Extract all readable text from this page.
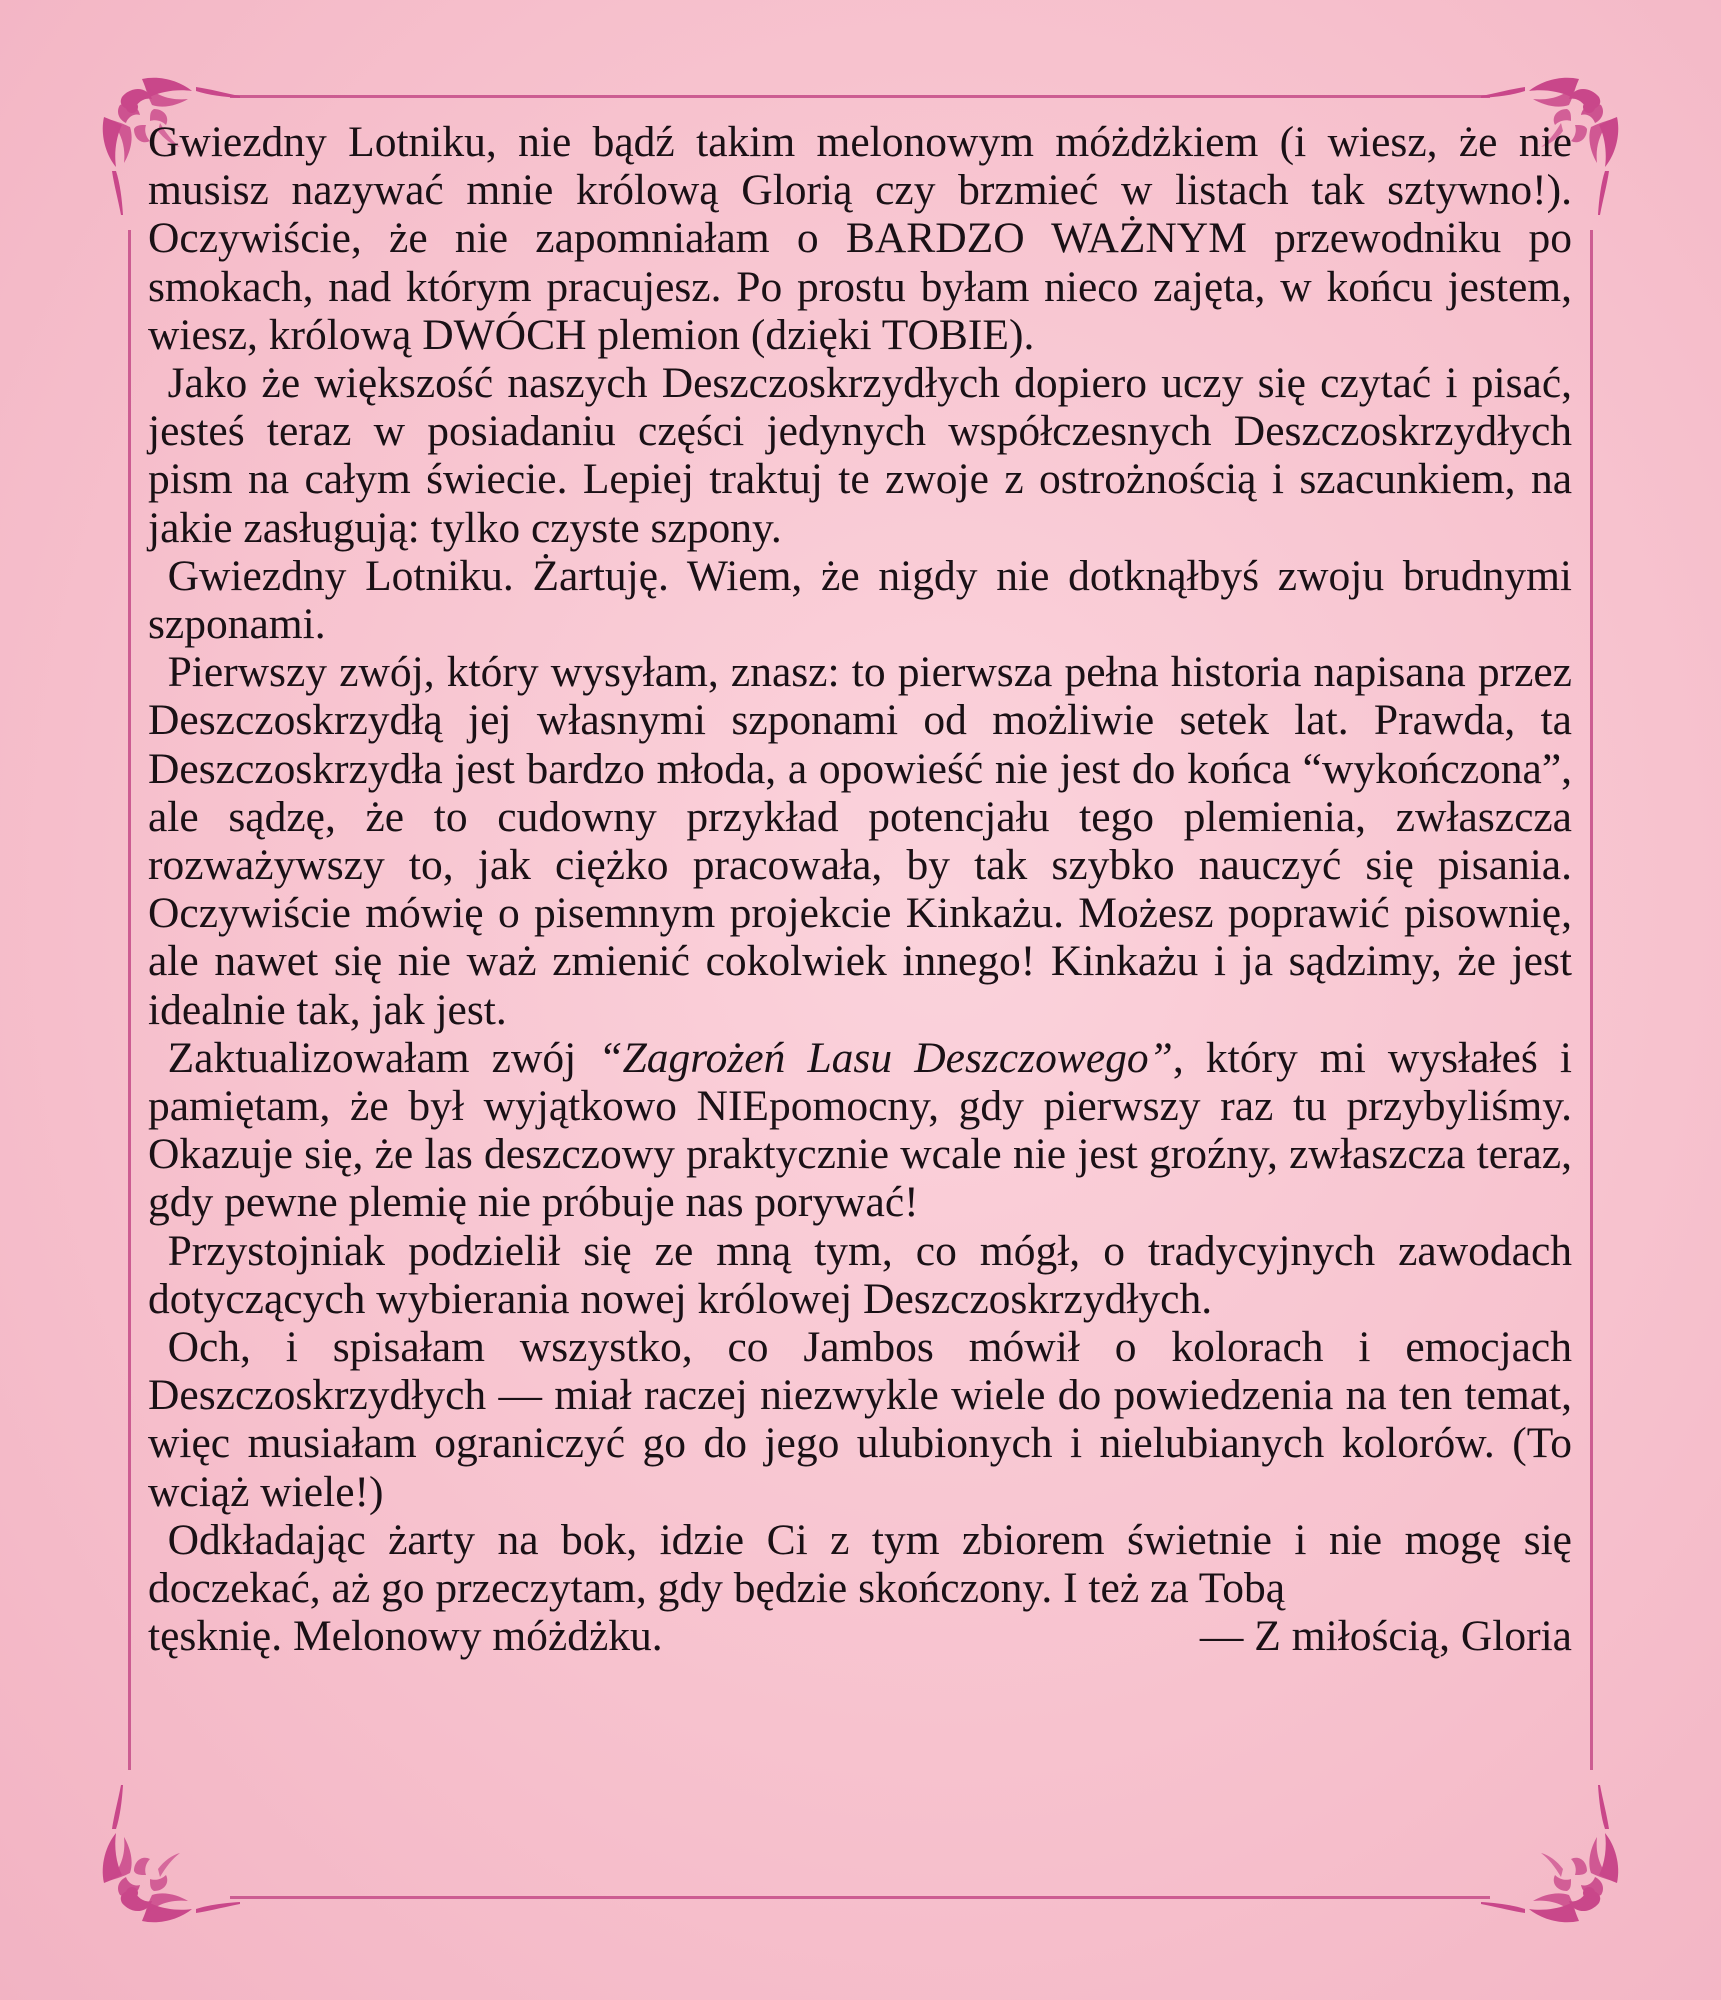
Gwiezdny Lotniku, nie bądź takim melonowym móżdżkiem (i wiesz, że nie musisz nazywać mnie królową Glorią czy brzmieć w listach tak sztywno!). Oczywiście, że nie zapomniałam o BARDZO WAŻNYM przewodniku po smokach, nad którym pracujesz. Po prostu byłam nieco zajęta, w końcu jestem, wiesz, królową DWÓCH plemion (dzięki TOBIE).

Jako że większość naszych Deszczoskrzydłych dopiero uczy się czytać i pisać, jesteś teraz w posiadaniu części jedynych współczesnych Deszczoskrzydłych pism na całym świecie. Lepiej traktuj te zwoje z ostrożnością i szacunkiem, na jakie zasługują: tylko czyste szpony.

Gwiezdny Lotniku. Żartuję. Wiem, że nigdy nie dotknąłbyś zwoju brudnymi szponami.

Pierwszy zwój, który wysyłam, znasz: to pierwsza pełna historia napisana przez Deszczoskrzydłą jej własnymi szponami od możliwie setek lat. Prawda, ta Deszczoskrzydła jest bardzo młoda, a opowieść nie jest do końca “wykończona”, ale sądzę, że to cudowny przykład potencjału tego plemienia, zwłaszcza rozważywszy to, jak ciężko pracowała, by tak szybko nauczyć się pisania. Oczywiście mówię o pisemnym projekcie Kinkażu. Możesz poprawić pisownię, ale nawet się nie waż zmienić cokolwiek innego! Kinkażu i ja sądzimy, że jest idealnie tak, jak jest.

Zaktualizowałam zwój “Zagrożeń Lasu Deszczowego”, który mi wysłałeś i pamiętam, że był wyjątkowo NIEpomocny, gdy pierwszy raz tu przybyliśmy. Okazuje się, że las deszczowy praktycznie wcale nie jest groźny, zwłaszcza teraz, gdy pewne plemię nie próbuje nas porywać!

Przystojniak podzielił się ze mną tym, co mógł, o tradycyjnych zawodach dotyczących wybierania nowej królowej Deszczoskrzydłych.

Och, i spisałam wszystko, co Jambos mówił o kolorach i emocjach Deszczoskrzydłych — miał raczej niezwykle wiele do powiedzenia na ten temat, więc musiałam ograniczyć go do jego ulubionych i nielubianych kolorów. (To wciąż wiele!)

Odkładając żarty na bok, idzie Ci z tym zbiorem świetnie i nie mogę się doczekać, aż go przeczytam, gdy będzie skończony. I też za Tobą

tęsknię. Melonowy móżdżku.	— Z miłością, Gloria
